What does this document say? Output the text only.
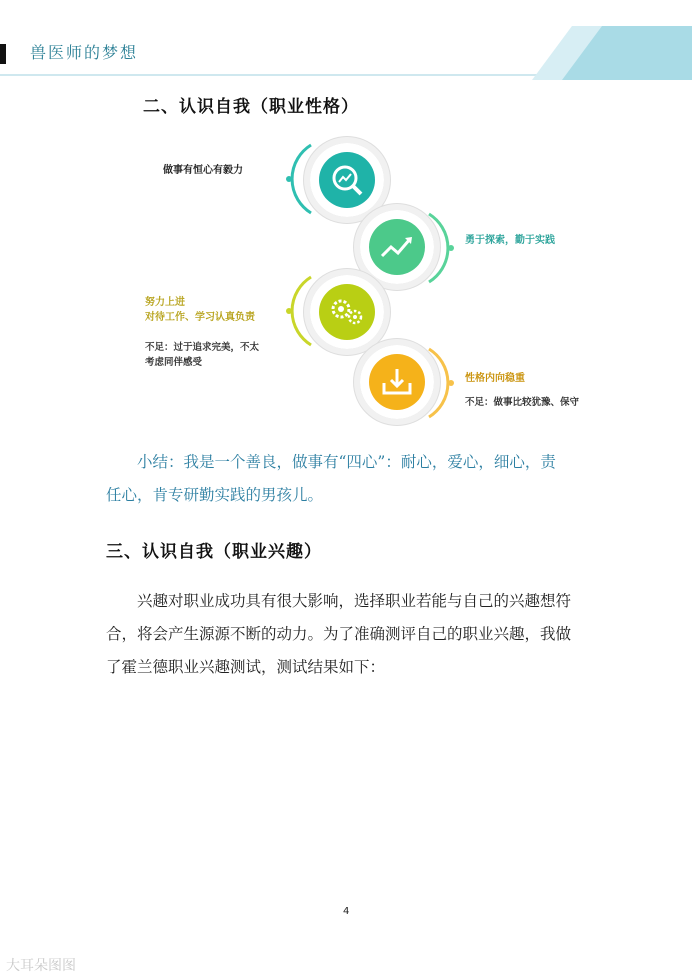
兽医师的梦想
二、认识自我（职业性格）
做事有恒心有毅力
勇于探索，勤于实践
努力上进
对待工作、学习认真负责
不足：过于追求完美，不太
考虑同伴感受
性格内向稳重
不足：做事比较犹豫、保守
小结：我是一个善良，做事有“四心”：耐心，爱心，细心，责
任心，肯专研勤实践的男孩儿。
三、认识自我（职业兴趣）
兴趣对职业成功具有很大影响，选择职业若能与自己的兴趣想符
合，将会产生源源不断的动力。为了准确测评自己的职业兴趣，我做
了霍兰德职业兴趣测试，测试结果如下：
4
大耳朵图图
